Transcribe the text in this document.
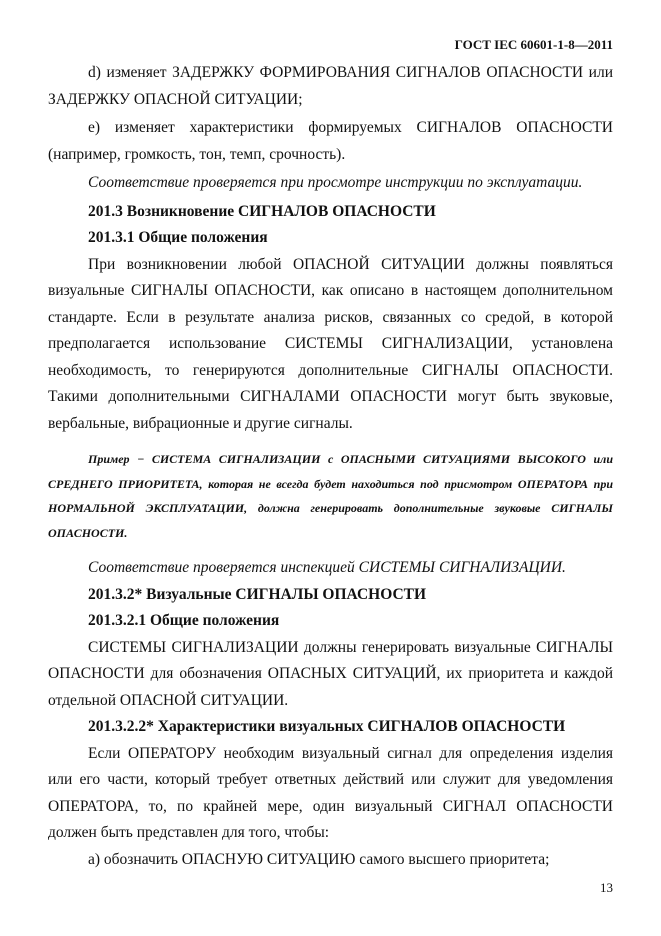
ГОСТ IEC 60601-1-8—2011

d) изменяет ЗАДЕРЖКУ ФОРМИРОВАНИЯ СИГНАЛОВ ОПАСНОСТИ или ЗАДЕРЖКУ ОПАСНОЙ СИТУАЦИИ;

e) изменяет характеристики формируемых СИГНАЛОВ ОПАСНОСТИ (например, громкость, тон, темп, срочность).

Соответствие проверяется при просмотре инструкции по эксплуатации.

201.3 Возникновение СИГНАЛОВ ОПАСНОСТИ

201.3.1 Общие положения

При возникновении любой ОПАСНОЙ СИТУАЦИИ должны появляться визуальные СИГНАЛЫ ОПАСНОСТИ, как описано в настоящем дополнительном стандарте. Если в результате анализа рисков, связанных со средой, в которой предполагается использование СИСТЕМЫ СИГНАЛИЗАЦИИ, установлена необходимость, то генерируются дополнительные СИГНАЛЫ ОПАСНОСТИ. Такими дополнительными СИГНАЛАМИ ОПАСНОСТИ могут быть звуковые, вербальные, вибрационные и другие сигналы.

Пример − СИСТЕМА СИГНАЛИЗАЦИИ с ОПАСНЫМИ СИТУАЦИЯМИ ВЫСОКОГО или СРЕДНЕГО ПРИОРИТЕТА, которая не всегда будет находиться под присмотром ОПЕРАТОРА при НОРМАЛЬНОЙ ЭКСПЛУАТАЦИИ, должна генерировать дополнительные звуковые СИГНАЛЫ ОПАСНОСТИ.

Соответствие проверяется инспекцией СИСТЕМЫ СИГНАЛИЗАЦИИ.

201.3.2* Визуальные СИГНАЛЫ ОПАСНОСТИ

201.3.2.1 Общие положения

СИСТЕМЫ СИГНАЛИЗАЦИИ должны генерировать визуальные СИГНАЛЫ ОПАСНОСТИ для обозначения ОПАСНЫХ СИТУАЦИЙ, их приоритета и каждой отдельной ОПАСНОЙ СИТУАЦИИ.

201.3.2.2* Характеристики визуальных СИГНАЛОВ ОПАСНОСТИ

Если ОПЕРАТОРУ необходим визуальный сигнал для определения изделия или его части, который требует ответных действий или служит для уведомления ОПЕРАТОРА, то, по крайней мере, один визуальный СИГНАЛ ОПАСНОСТИ должен быть представлен для того, чтобы:

a) обозначить ОПАСНУЮ СИТУАЦИЮ самого высшего приоритета;

13
